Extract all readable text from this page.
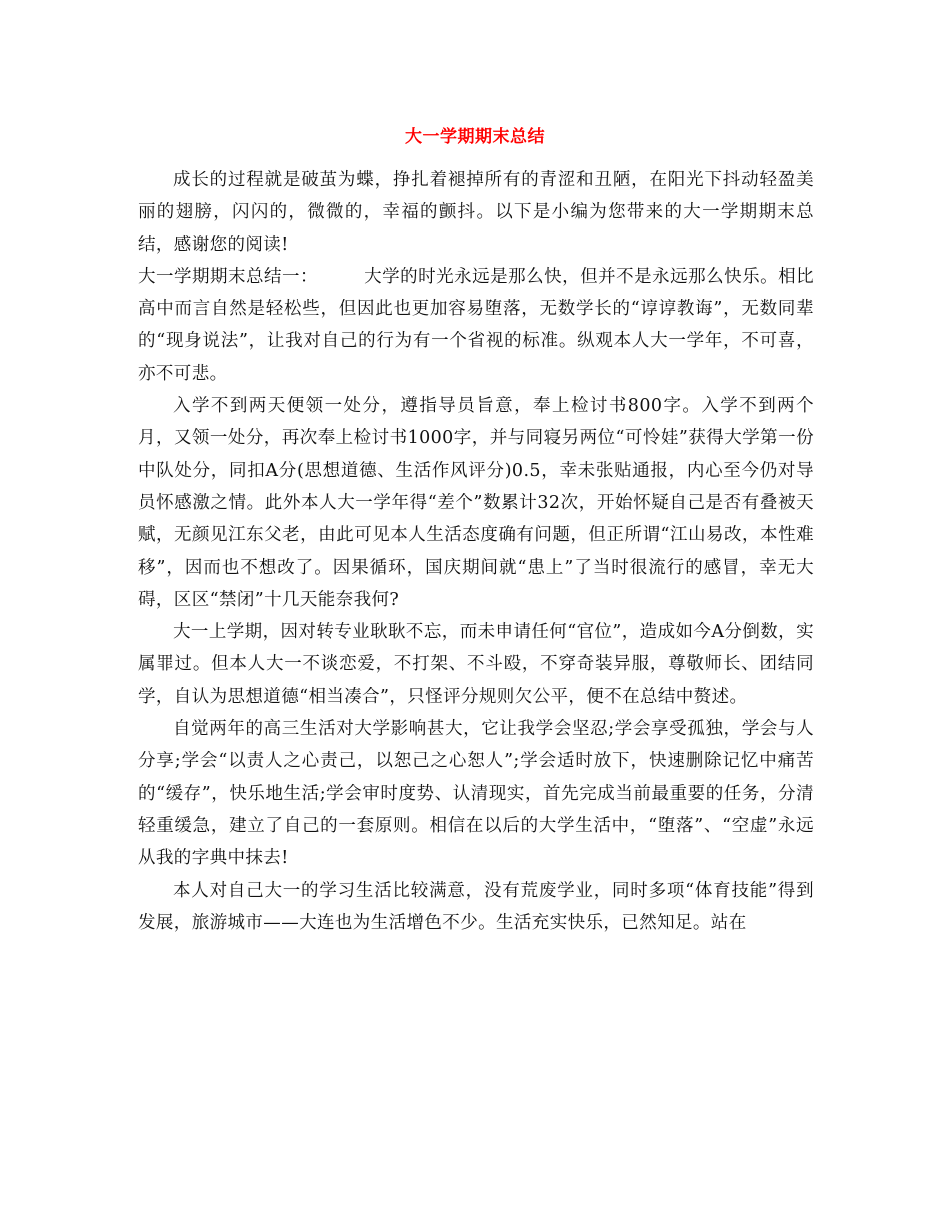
大一学期期末总结

成长的过程就是破茧为蝶，挣扎着褪掉所有的青涩和丑陋，在阳光下抖动轻盈美丽的翅膀，闪闪的，微微的，幸福的颤抖。以下是小编为您带来的大一学期期末总结，感谢您的阅读!

大一学期期末总结一：	大学的时光永远是那么快，但并不是永远那么快乐。相比高中而言自然是轻松些，但因此也更加容易堕落，无数学长的“谆谆教诲”，无数同辈的“现身说法”，让我对自己的行为有一个省视的标准。纵观本人大一学年，不可喜，亦不可悲。

入学不到两天便领一处分，遵指导员旨意，奉上检讨书800字。入学不到两个月，又领一处分，再次奉上检讨书1000字，并与同寝另两位“可怜娃”获得大学第一份中队处分，同扣A分(思想道德、生活作风评分)0.5，幸未张贴通报，内心至今仍对导员怀感激之情。此外本人大一学年得“差个”数累计32次，开始怀疑自己是否有叠被天赋，无颜见江东父老，由此可见本人生活态度确有问题，但正所谓“江山易改，本性难移”，因而也不想改了。因果循环，国庆期间就“患上”了当时很流行的感冒，幸无大碍，区区“禁闭”十几天能奈我何?

大一上学期，因对转专业耿耿不忘，而未申请任何“官位”，造成如今A分倒数，实属罪过。但本人大一不谈恋爱，不打架、不斗殴，不穿奇装异服，尊敬师长、团结同学，自认为思想道德“相当凑合”，只怪评分规则欠公平，便不在总结中赘述。

自觉两年的高三生活对大学影响甚大，它让我学会坚忍;学会享受孤独，学会与人分享;学会“以责人之心责己，以恕己之心恕人”;学会适时放下，快速删除记忆中痛苦的“缓存”，快乐地生活;学会审时度势、认清现实，首先完成当前最重要的任务，分清轻重缓急，建立了自己的一套原则。相信在以后的大学生活中，“堕落”、“空虚”永远从我的字典中抹去!

本人对自己大一的学习生活比较满意，没有荒废学业，同时多项“体育技能”得到发展，旅游城市——大连也为生活增色不少。生活充实快乐，已然知足。站在
